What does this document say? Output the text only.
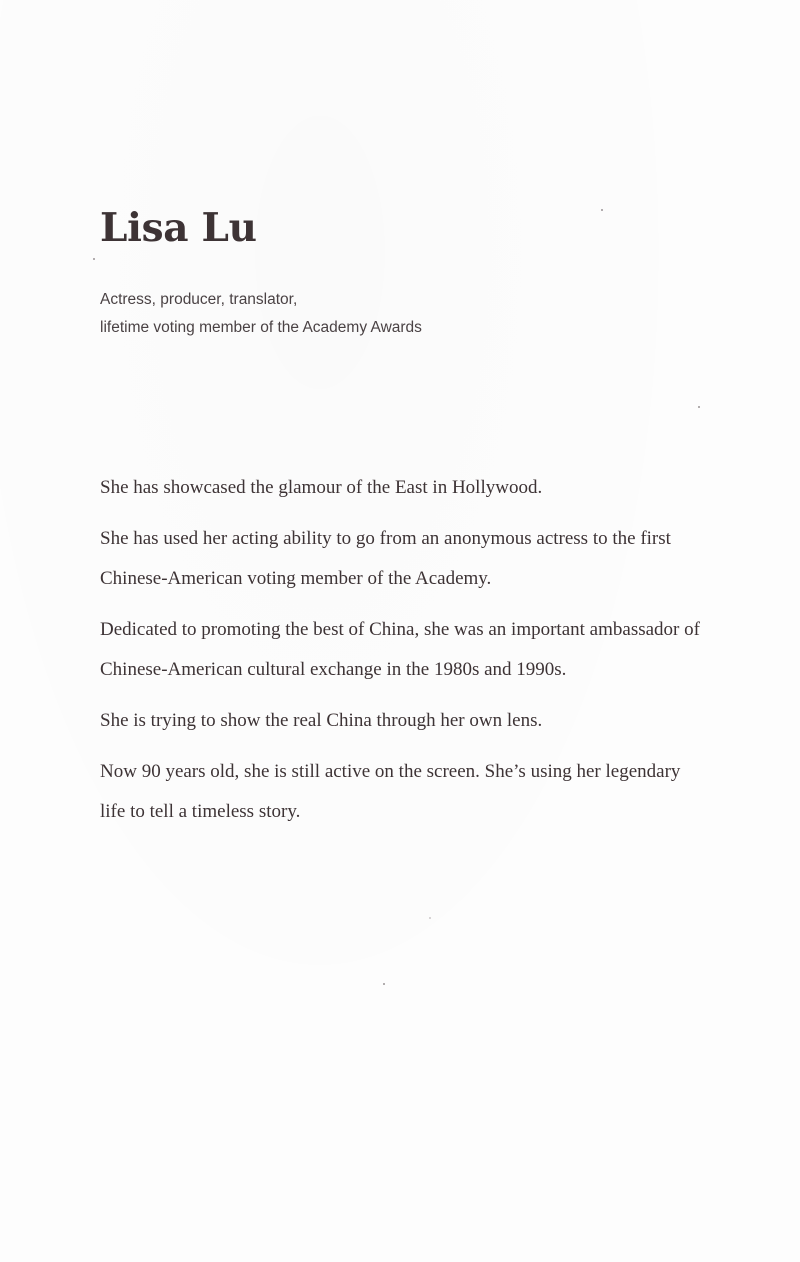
Lisa Lu
Actress, producer, translator,
lifetime voting member of the Academy Awards

She has showcased the glamour of the East in Hollywood.

She has used her acting ability to go from an anonymous actress to the first Chinese-American voting member of the Academy.

Dedicated to promoting the best of China, she was an important ambassador of Chinese-American cultural exchange in the 1980s and 1990s.

She is trying to show the real China through her own lens.

Now 90 years old, she is still active on the screen. She’s using her legendary life to tell a timeless story.
